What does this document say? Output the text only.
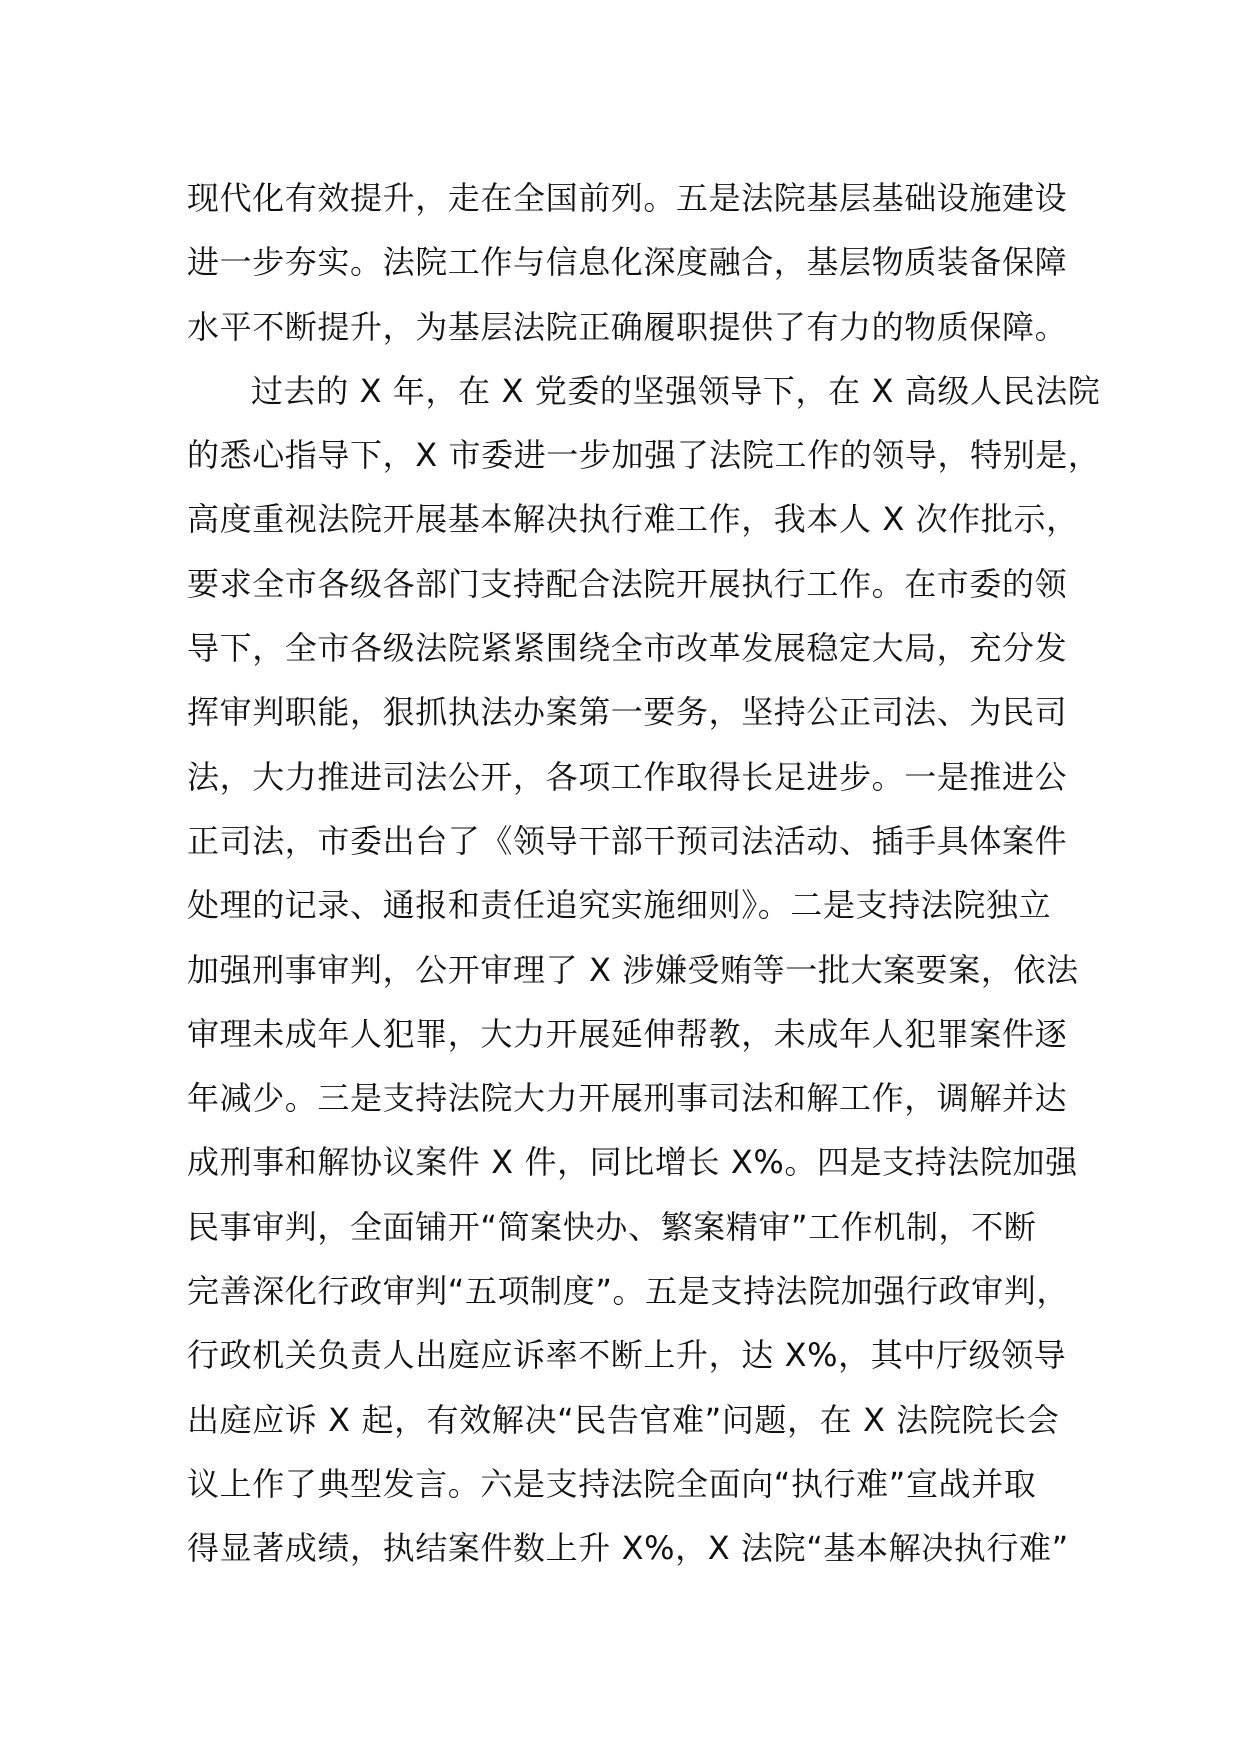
现代化有效提升，走在全国前列。五是法院基层基础设施建设
进一步夯实。法院工作与信息化深度融合，基层物质装备保障
水平不断提升，为基层法院正确履职提供了有力的物质保障。
过去的 X 年，在 X 党委的坚强领导下，在 X 高级人民法院
的悉心指导下，X 市委进一步加强了法院工作的领导，特别是，
高度重视法院开展基本解决执行难工作，我本人 X 次作批示，
要求全市各级各部门支持配合法院开展执行工作。在市委的领
导下，全市各级法院紧紧围绕全市改革发展稳定大局，充分发
挥审判职能，狠抓执法办案第一要务，坚持公正司法、为民司
法，大力推进司法公开，各项工作取得长足进步。一是推进公
正司法，市委出台了《领导干部干预司法活动、插手具体案件
处理的记录、通报和责任追究实施细则》。二是支持法院独立
加强刑事审判，公开审理了 X 涉嫌受贿等一批大案要案，依法
审理未成年人犯罪，大力开展延伸帮教，未成年人犯罪案件逐
年减少。三是支持法院大力开展刑事司法和解工作，调解并达
成刑事和解协议案件 X 件，同比增长 X%。四是支持法院加强
民事审判，全面铺开“简案快办、繁案精审”工作机制，不断
完善深化行政审判“五项制度”。五是支持法院加强行政审判，
行政机关负责人出庭应诉率不断上升，达 X%，其中厅级领导
出庭应诉 X 起，有效解决“民告官难”问题，在 X 法院院长会
议上作了典型发言。六是支持法院全面向“执行难”宣战并取
得显著成绩，执结案件数上升 X%，X 法院“基本解决执行难”
